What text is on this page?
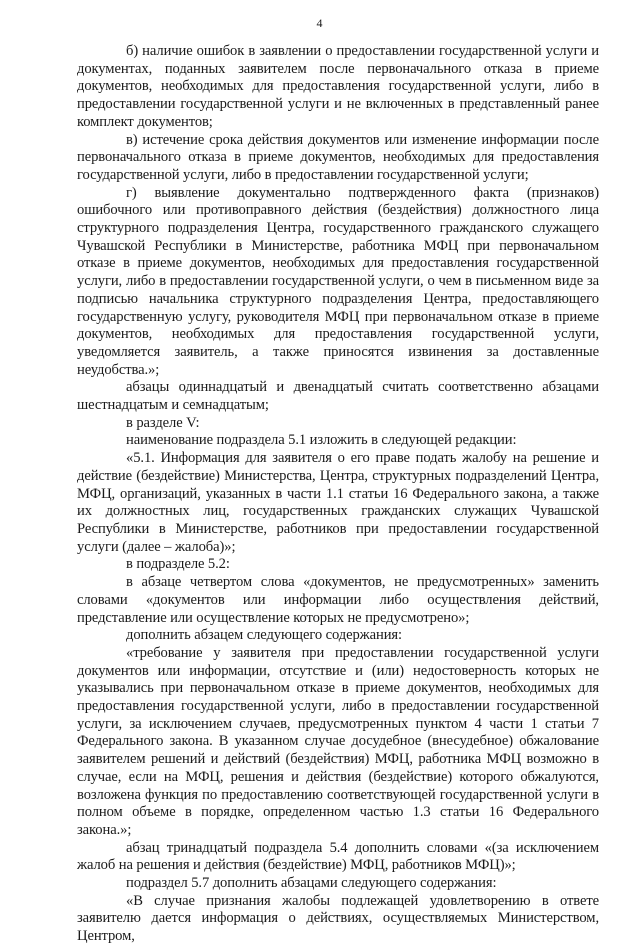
4

б) наличие ошибок в заявлении о предоставлении государственной услуги и документах, поданных заявителем после первоначального отказа в приеме документов, необходимых для предоставления государственной услуги, либо в предоставлении государственной услуги и не включенных в представленный ранее комплект документов;

в) истечение срока действия документов или изменение информации после первоначального отказа в приеме документов, необходимых для предоставления государственной услуги, либо в предоставлении государственной услуги;

г) выявление документально подтвержденного факта (признаков) ошибочного или противоправного действия (бездействия) должностного лица структурного подразделения Центра, государственного гражданского служащего Чувашской Республики в Министерстве, работника МФЦ при первоначальном отказе в приеме документов, необходимых для предоставления государственной услуги, либо в предоставлении государственной услуги, о чем в письменном виде за подписью начальника структурного подразделения Центра, предоставляющего государственную услугу, руководителя МФЦ при первоначальном отказе в приеме документов, необходимых для предоставления государственной услуги, уведомляется заявитель, а также приносятся извинения за доставленные неудобства.»;

абзацы одиннадцатый и двенадцатый считать соответственно абзацами шестнадцатым и семнадцатым;

в разделе V:

наименование подраздела 5.1 изложить в следующей редакции:

«5.1. Информация для заявителя о его праве подать жалобу на решение и действие (бездействие) Министерства, Центра, структурных подразделений Центра, МФЦ, организаций, указанных в части 1.1 статьи 16 Федерального закона, а также их должностных лиц, государственных гражданских служащих Чувашской Республики в Министерстве, работников при предоставлении государственной услуги (далее – жалоба)»;

в подразделе 5.2:

в абзаце четвертом слова «документов, не предусмотренных» заменить словами «документов или информации либо осуществления действий, представление или осуществление которых не предусмотрено»;

дополнить абзацем следующего содержания:

«требование у заявителя при предоставлении государственной услуги документов или информации, отсутствие и (или) недостоверность которых не указывались при первоначальном отказе в приеме документов, необходимых для предоставления государственной услуги, либо в предоставлении государственной услуги, за исключением случаев, предусмотренных пунктом 4 части 1 статьи 7 Федерального закона. В указанном случае досудебное (внесудебное) обжалование заявителем решений и действий (бездействия) МФЦ, работника МФЦ возможно в случае, если на МФЦ, решения и действия (бездействие) которого обжалуются, возложена функция по предоставлению соответствующей государственной услуги в полном объеме в порядке, определенном частью 1.3 статьи 16 Федерального закона.»;

абзац тринадцатый подраздела 5.4 дополнить словами «(за исключением жалоб на решения и действия (бездействие) МФЦ, работников МФЦ)»;

подраздел 5.7 дополнить абзацами следующего содержания:

«В случае признания жалобы подлежащей удовлетворению в ответе заявителю дается информация о действиях, осуществляемых Министерством, Центром,
